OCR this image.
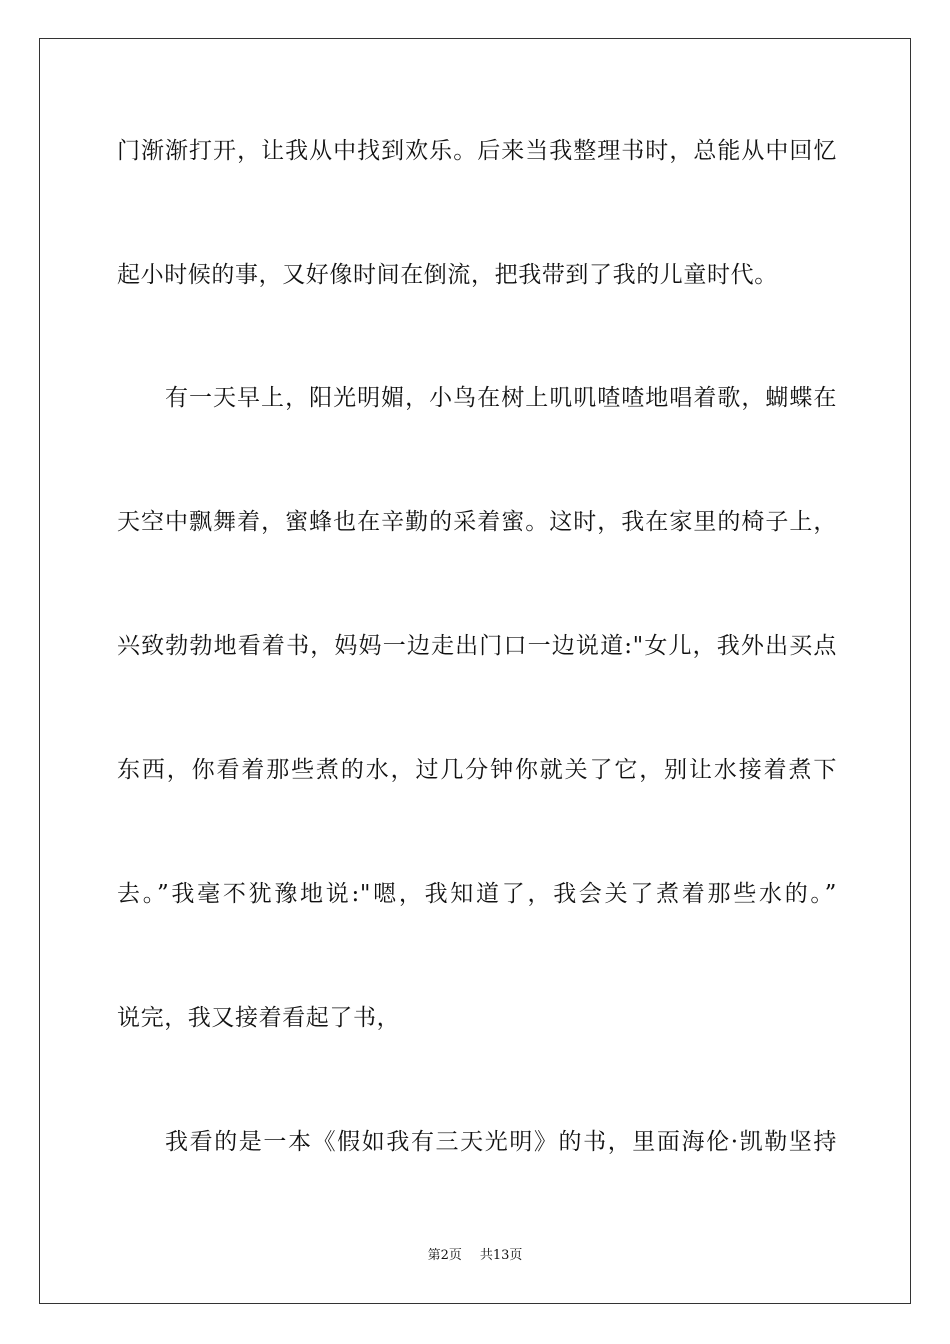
门渐渐打开，让我从中找到欢乐。后来当我整理书时，总能从中回忆
起小时候的事，又好像时间在倒流，把我带到了我的儿童时代。
有一天早上，阳光明媚，小鸟在树上叽叽喳喳地唱着歌，蝴蝶在
天空中飘舞着，蜜蜂也在辛勤的采着蜜。这时，我在家里的椅子上，
兴致勃勃地看着书，妈妈一边走出门口一边说道:"女儿，我外出买点
东西，你看着那些煮的水，过几分钟你就关了它，别让水接着煮下
去。”我毫不犹豫地说:"嗯，我知道了，我会关了煮着那些水的。”
说完，我又接着看起了书，
我看的是一本《假如我有三天光明》的书，里面海伦·凯勒坚持
第2页 共13页
